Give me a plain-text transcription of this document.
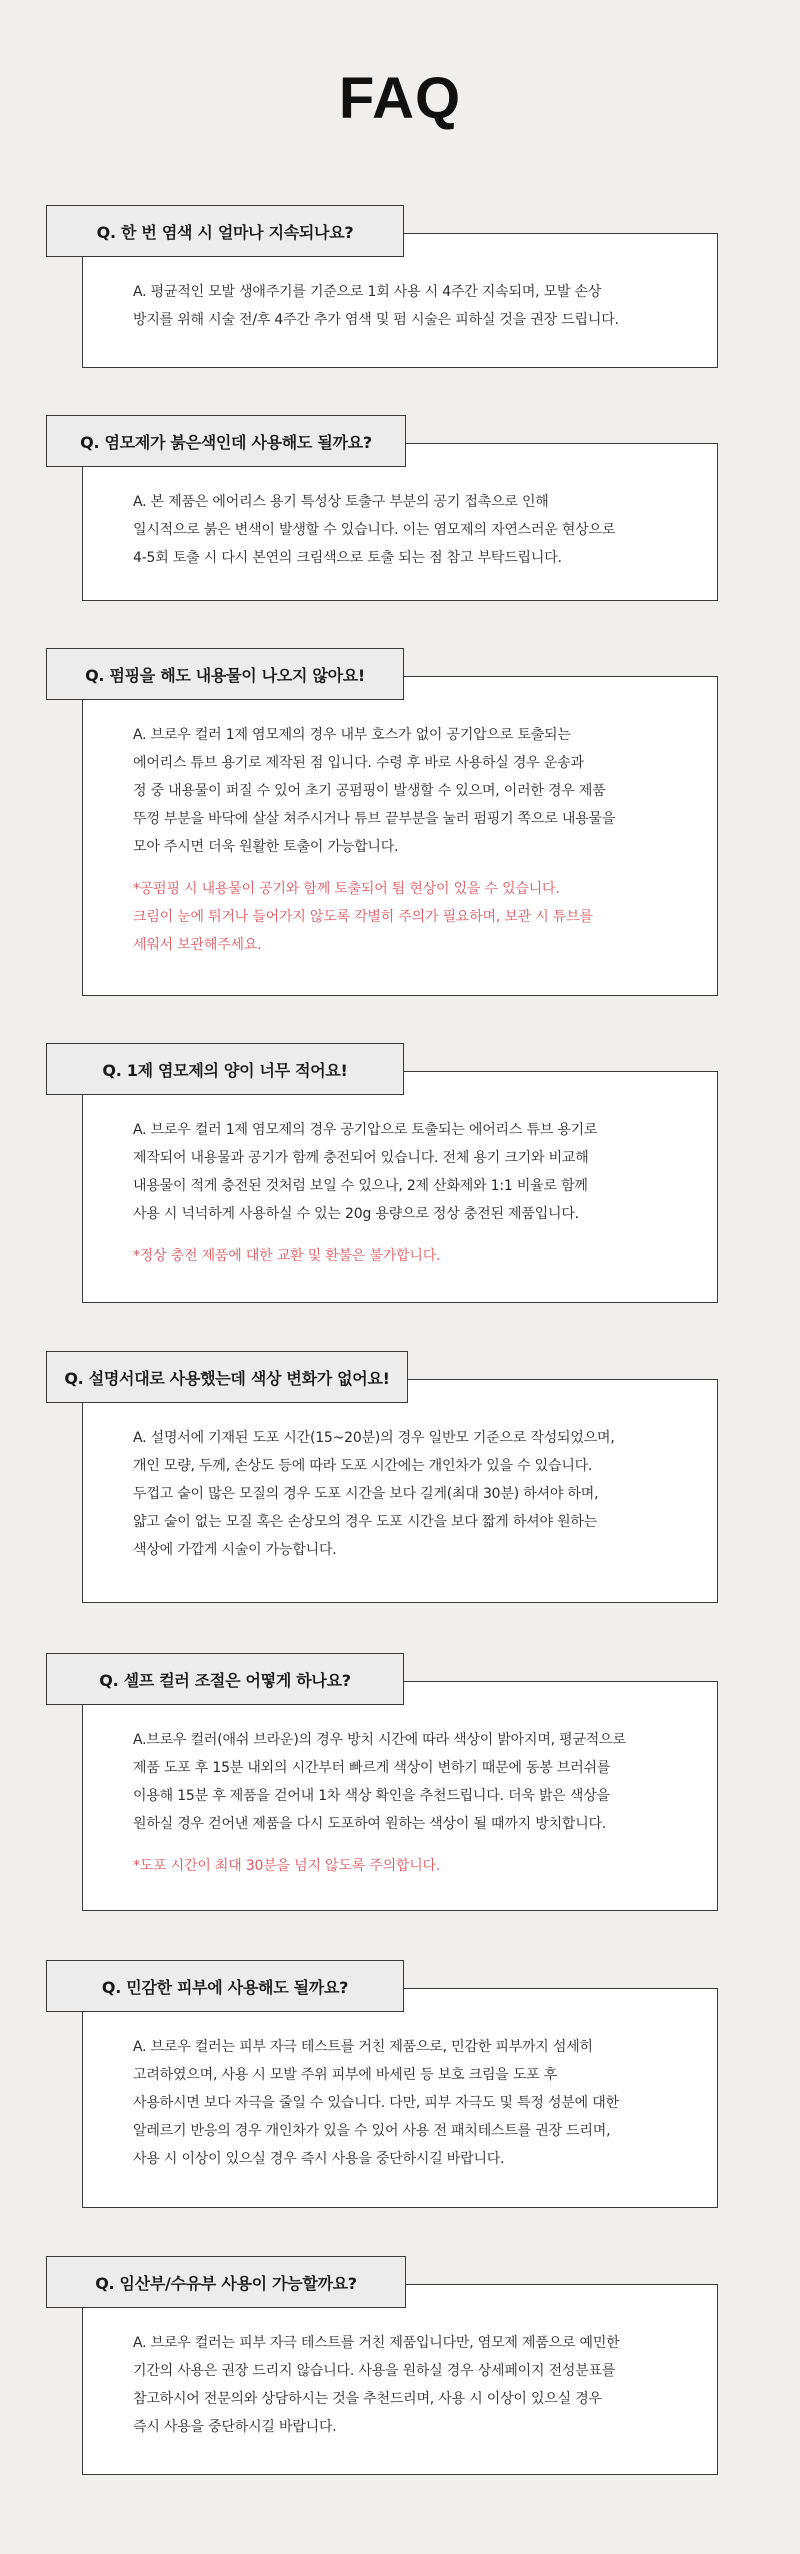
FAQ
A. 평균적인 모발 생애주기를 기준으로 1회 사용 시 4주간 지속되며, 모발 손상
방지를 위해 시술 전/후 4주간 추가 염색 및 펌 시술은 피하실 것을 권장 드립니다.
Q. 한 번 염색 시 얼마나 지속되나요?
A. 본 제품은 에어리스 용기 특성상 토출구 부분의 공기 접촉으로 인해
일시적으로 붉은 변색이 발생할 수 있습니다. 이는 염모제의 자연스러운 현상으로
4-5회 토출 시 다시 본연의 크림색으로 토출 되는 점 참고 부탁드립니다.
Q. 염모제가 붉은색인데 사용해도 될까요?
A. 브로우 컬러 1제 염모제의 경우 내부 호스가 없이 공기압으로 토출되는
에어리스 튜브 용기로 제작된 점 입니다. 수령 후 바로 사용하실 경우 운송과
정 중 내용물이 퍼질 수 있어 초기 공펌핑이 발생할 수 있으며, 이러한 경우 제품
뚜껑 부분을 바닥에 살살 쳐주시거나 튜브 끝부분을 눌러 펌핑기 쪽으로 내용물을
모아 주시면 더욱 원활한 토출이 가능합니다.
*공펌핑 시 내용물이 공기와 함께 토출되어 튐 현상이 있을 수 있습니다.
크림이 눈에 튀거나 들어가지 않도록 각별히 주의가 필요하며, 보관 시 튜브를
세워서 보관해주세요.
Q. 펌핑을 해도 내용물이 나오지 않아요!
A. 브로우 컬러 1제 염모제의 경우 공기압으로 토출되는 에어리스 튜브 용기로
제작되어 내용물과 공기가 함께 충전되어 있습니다. 전체 용기 크기와 비교해
내용물이 적게 충전된 것처럼 보일 수 있으나, 2제 산화제와 1:1 비율로 함께
사용 시 넉넉하게 사용하실 수 있는 20g 용량으로 정상 충전된 제품입니다.
*정상 충전 제품에 대한 교환 및 환불은 불가합니다.
Q. 1제 염모제의 양이 너무 적어요!
A. 설명서에 기재된 도포 시간(15~20분)의 경우 일반모 기준으로 작성되었으며,
개인 모량, 두께, 손상도 등에 따라 도포 시간에는 개인차가 있을 수 있습니다.
두껍고 숱이 많은 모질의 경우 도포 시간을 보다 길게(최대 30분) 하셔야 하며,
얇고 숱이 없는 모질 혹은 손상모의 경우 도포 시간을 보다 짧게 하셔야 원하는
색상에 가깝게 시술이 가능합니다.
Q. 설명서대로 사용했는데 색상 변화가 없어요!
A.브로우 컬러(애쉬 브라운)의 경우 방치 시간에 따라 색상이 밝아지며, 평균적으로
제품 도포 후 15분 내외의 시간부터 빠르게 색상이 변하기 때문에 동봉 브러쉬를
이용해 15분 후 제품을 걷어내 1차 색상 확인을 추천드립니다. 더욱 밝은 색상을
원하실 경우 걷어낸 제품을 다시 도포하여 원하는 색상이 될 때까지 방치합니다.
*도포 시간이 최대 30분을 넘지 않도록 주의합니다.
Q. 셀프 컬러 조절은 어떻게 하나요?
A. 브로우 컬러는 피부 자극 테스트를 거친 제품으로, 민감한 피부까지 섬세히
고려하였으며, 사용 시 모발 주위 피부에 바세린 등 보호 크림을 도포 후
사용하시면 보다 자극을 줄일 수 있습니다. 다만, 피부 자극도 및 특정 성분에 대한
알레르기 반응의 경우 개인차가 있을 수 있어 사용 전 패치테스트를 권장 드리며,
사용 시 이상이 있으실 경우 즉시 사용을 중단하시길 바랍니다.
Q. 민감한 피부에 사용해도 될까요?
A. 브로우 컬러는 피부 자극 테스트를 거친 제품입니다만, 염모제 제품으로 예민한
기간의 사용은 권장 드리지 않습니다. 사용을 원하실 경우 상세페이지 전성분표를
참고하시어 전문의와 상담하시는 것을 추천드리며, 사용 시 이상이 있으실 경우
즉시 사용을 중단하시길 바랍니다.
Q. 임산부/수유부 사용이 가능할까요?
